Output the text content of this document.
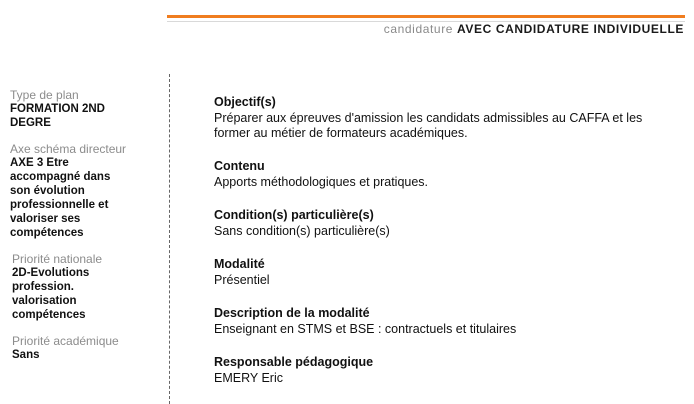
candidature AVEC CANDIDATURE INDIVIDUELLE
Type de plan
FORMATION 2ND
DEGRE
Axe schéma directeur
AXE 3 Etre
accompagné dans
son évolution
professionnelle et
valoriser ses
compétences
Priorité nationale
2D-Evolutions
profession.
valorisation
compétences
Priorité académique
Sans
Objectif(s)
Préparer aux épreuves d'amission les candidats admissibles au CAFFA et les
former au métier de formateurs académiques.
Contenu
Apports méthodologiques et pratiques.
Condition(s) particulière(s)
Sans condition(s) particulière(s)
Modalité
Présentiel
Description de la modalité
Enseignant en STMS et BSE : contractuels et titulaires
Responsable pédagogique
EMERY Eric
